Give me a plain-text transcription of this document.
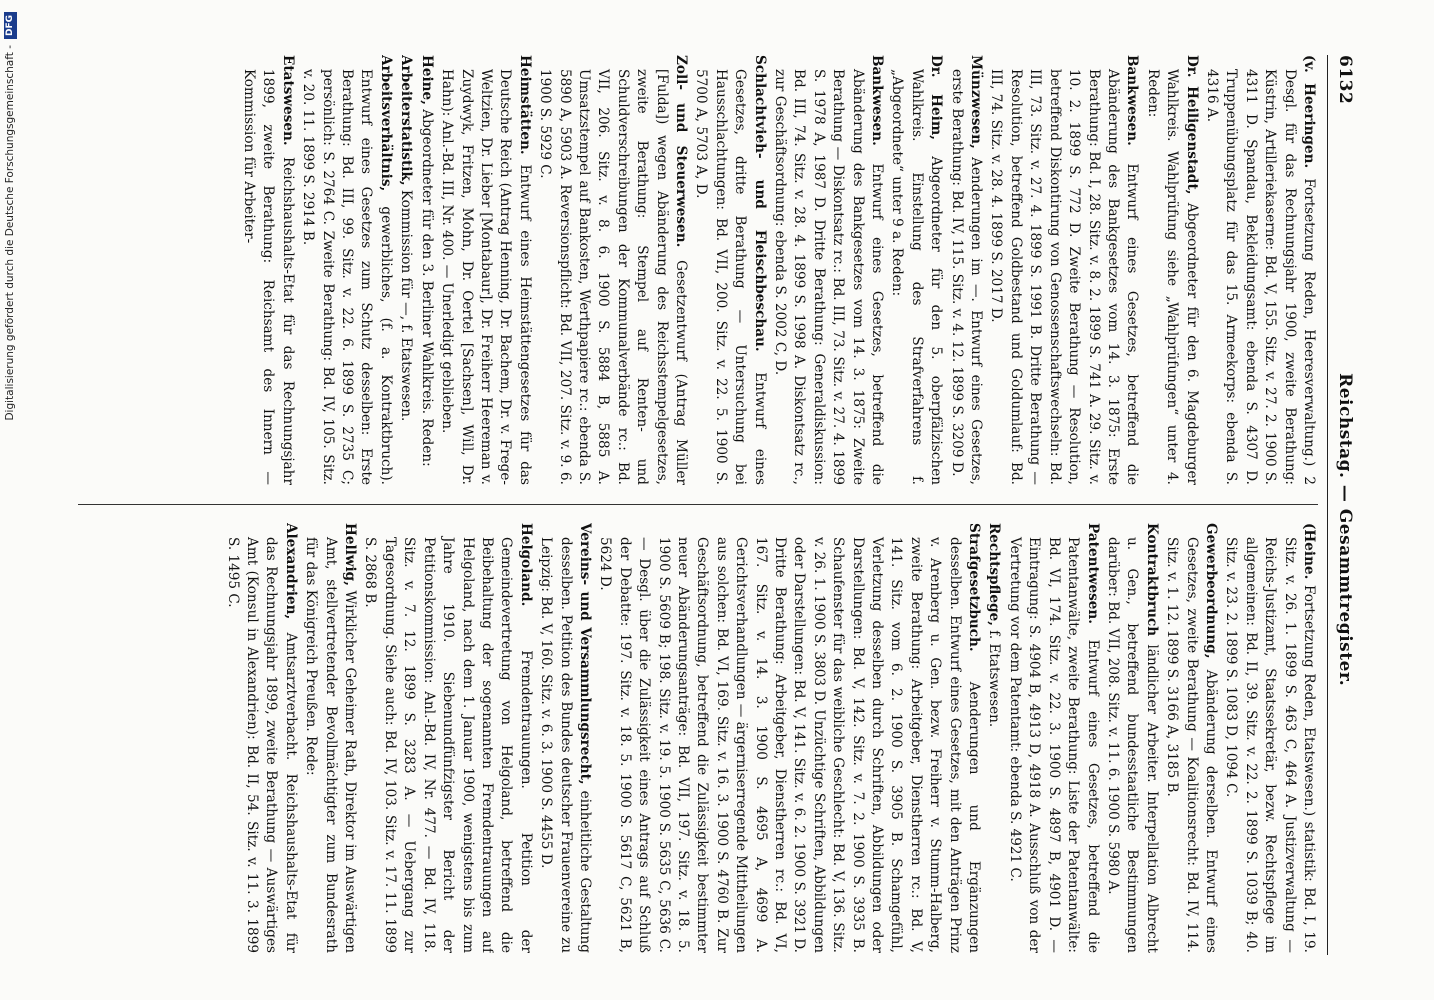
6132
Reichstag. — Gesammtregister.

(v. Heeringen. Fortsetzung Reden, Heeresverwaltung.) 2 Desgl. für das Rechnungsjahr 1900, zweite Berathung: Küstrin, Artilleriekaserne: Bd. V, 155. Sitz. v. 27. 2. 1900 S. 4311 D. Spandau, Bekleidungsamt: ebenda S. 4307 D. Truppenübungsplatz für das 15. Armeekorps: ebenda S. 4316 A.

Dr. Heiligenstadt, Abgeordneter für den 6. Magdeburger Wahlkreis. Wahlprüfung siehe „Wahlprüfungen“ unter 4. Reden:

Bankwesen. Entwurf eines Gesetzes, betreffend die Abänderung des Bankgesetzes vom 14. 3. 1875: Erste Berathung: Bd. I, 28. Sitz. v. 8. 2. 1899 S. 741 A. 29. Sitz. v. 10. 2. 1899 S. 772 D. Zweite Berathung — Resolution, betreffend Diskontirung von Genossenschaftswechseln: Bd. III, 73. Sitz. v. 27. 4. 1899 S. 1991 B. Dritte Berathung — Resolution, betreffend Goldbestand und Goldumlauf: Bd. III, 74. Sitz. v. 28. 4. 1899 S. 2017 D.

Münzwesen, Aenderungen im —. Entwurf eines Gesetzes, erste Berathung: Bd. IV, 115. Sitz. v. 4. 12. 1899 S. 3209 D.

Dr. Heim, Abgeordneter für den 5. oberpfälzischen Wahlkreis. Einstellung des Strafverfahrens f. „Abgeordnete“ unter 9 a. Reden:

Bankwesen. Entwurf eines Gesetzes, betreffend die Abänderung des Bankgesetzes vom 14. 3. 1875: Zweite Berathung — Diskontsatz rc.: Bd. III, 73. Sitz. v. 27. 4. 1899 S. 1978 A, 1987 D. Dritte Berathung: Generaldiskussion: Bd. III, 74. Sitz. v. 28. 4. 1899 S. 1998 A. Diskontsatz rc., zur Geschäftsordnung: ebenda S. 2002 C, D.

Schlachtvieh- und Fleischbeschau. Entwurf eines Gesetzes, dritte Berathung — Untersuchung bei Hausschlachtungen: Bd. VII, 200. Sitz. v. 22. 5. 1900 S. 5700 A, 5703 A, D.

Zoll- und Steuerwesen. Gesetzentwurf (Antrag Müller [Fulda]) wegen Abänderung des Reichsstempelgesetzes, zweite Berathung: Stempel auf Renten- und Schuldverschreibungen der Kommunalverbände rc.: Bd. VII, 206. Sitz. v. 8. 6. 1900 S. 5884 B, 5885 A. Umsatzstempel auf Bankosten, Werthpapiere rc.: ebenda S. 5890 A, 5903 A. Reversionspflicht: Bd. VII, 207. Sitz. v. 9. 6. 1900 S. 5929 C.

Heimstätten. Entwurf eines Heimstättengesetzes für das Deutsche Reich (Antrag Henning, Dr. Bachem, Dr. v. Frege-Weltzien, Dr. Lieber [Montabaur], Dr. Freiherr Heereman v. Zuydwyk, Fritzen, Mohn, Dr. Oertel [Sachsen], Will, Dr. Hahn): Anl.-Bd. III, Nr. 400. — Unerledigt geblieben.

Heine, Abgeordneter für den 3. Berliner Wahlkreis. Reden:

Arbeiterstatistik, Kommission für —, f. Etatswesen.

Arbeitsverhältnis, gewerbliches, (f. a. Kontraktbruch). Entwurf eines Gesetzes zum Schutz desselben: Erste Berathung: Bd. III, 99. Sitz. v. 22. 6. 1899 S. 2735 C; persönlich: S. 2764 C. Zweite Berathung: Bd. IV, 105. Sitz. v. 20. 11. 1899 S. 2914 B.

Etatswesen. Reichshaushalts-Etat für das Rechnungsjahr 1899, zweite Berathung: Reichsamt des Innern — Kommission für Arbeiter-

(Heine. Fortsetzung Reden, Etatswesen.) statistik: Bd. I, 19. Sitz. v. 26. 1. 1899 S. 463 C, 464 A. Justizverwaltung — Reichs-Justizamt, Staatssekretär, bezw. Rechtspflege im allgemeinen: Bd. II, 39. Sitz. v. 22. 2. 1899 S. 1039 B; 40. Sitz. v. 23. 2. 1899 S. 1083 D, 1094 C.

Gewerbeordnung, Abänderung derselben. Entwurf eines Gesetzes, zweite Berathung — Koalitionsrecht: Bd. IV, 114. Sitz. v. 1. 12. 1899 S. 3166 A, 3185 B.

Kontraktbruch ländlicher Arbeiter. Interpellation Albrecht u. Gen., betreffend bundesstaatliche Bestimmungen darüber: Bd. VII, 208. Sitz. v. 11. 6. 1900 S. 5980 A.

Patentwesen. Entwurf eines Gesetzes, betreffend die Patentanwälte, zweite Berathung: Liste der Patentanwälte: Bd. VI, 174. Sitz. v. 22. 3. 1900 S. 4897 B, 4901 D. — Eintragung: S. 4904 B, 4913 D, 4918 A. Ausschluß von der Vertretung vor dem Patentamt: ebenda S. 4921 C.

Rechtspflege, f. Etatswesen.

Strafgesetzbuch. Aenderungen und Ergänzungen desselben. Entwurf eines Gesetzes, mit den Anträgen Prinz v. Arenberg u. Gen. bezw. Freiherr v. Stumm-Halberg, zweite Berathung: Arbeitgeber, Dienstherren rc.: Bd. V, 141. Sitz. vom 6. 2. 1900 S. 3905 B. Schamgefühl, Verletzung desselben durch Schriften, Abbildungen oder Darstellungen: Bd. V, 142. Sitz. v. 7. 2. 1900 S. 3935 B. Schaufenster für das weibliche Geschlecht: Bd. V, 136. Sitz. v. 26. 1. 1900 S. 3803 D. Unzüchtige Schriften, Abbildungen oder Darstellungen: Bd. V, 141. Sitz. v. 6. 2. 1900 S. 3921 D. Dritte Berathung: Arbeitgeber, Dienstherren rc.: Bd. VI, 167. Sitz. v. 14. 3. 1900 S. 4695 A, 4699 A. Gerichtsverhandlungen — ärgerniserregende Mittheilungen aus solchen: Bd. VI, 169. Sitz. v. 16. 3. 1900 S. 4760 B. Zur Geschäftsordnung, betreffend die Zulässigkeit bestimmter neuer Abänderungsanträge: Bd. VII, 197. Sitz. v. 18. 5. 1900 S. 5609 B; 198. Sitz. v. 19. 5. 1900 S. 5635 C, 5636 C. — Desgl. über die Zulässigkeit eines Antrags auf Schluß der Debatte: 197. Sitz. v. 18. 5. 1900 S. 5617 C, 5621 B, 5624 D.

Vereins- und Versammlungsrecht, einheitliche Gestaltung desselben. Petition des Bundes deutscher Frauenvereine zu Leipzig: Bd. V, 160. Sitz. v. 6. 3. 1900 S. 4455 D.

Helgoland. Fremdentrauungen. Petition der Gemeindevertretung von Helgoland, betreffend die Beibehaltung der sogenannten Fremdentrauungen auf Helgoland, nach dem 1. Januar 1900, wenigstens bis zum Jahre 1910. Siebenundfünfzigster Bericht der Petitionskommission: Anl.-Bd. IV, Nr. 477. — Bd. IV, 118. Sitz. v. 7. 12. 1899 S. 3283 A. — Uebergang zur Tagesordnung. Siehe auch: Bd. IV, 103. Sitz. v. 17. 11. 1899 S. 2868 B.

Hellwig, Wirklicher Geheimer Rath, Direktor im Auswärtigen Amt, stellvertretender Bevollmächtigter zum Bundesrath für das Königreich Preußen. Rede:

Alexandrien, Amtsarztverbacht. Reichshaushalts-Etat für das Rechnungsjahr 1899, zweite Berathung — Auswärtiges Amt (Konsul in Alexandrien): Bd. II, 54. Sitz. v. 11. 3. 1899 S. 1495 C.

Digitalisierung gefördert durch die Deutsche Forschungsgemeinschaft -
DFG
